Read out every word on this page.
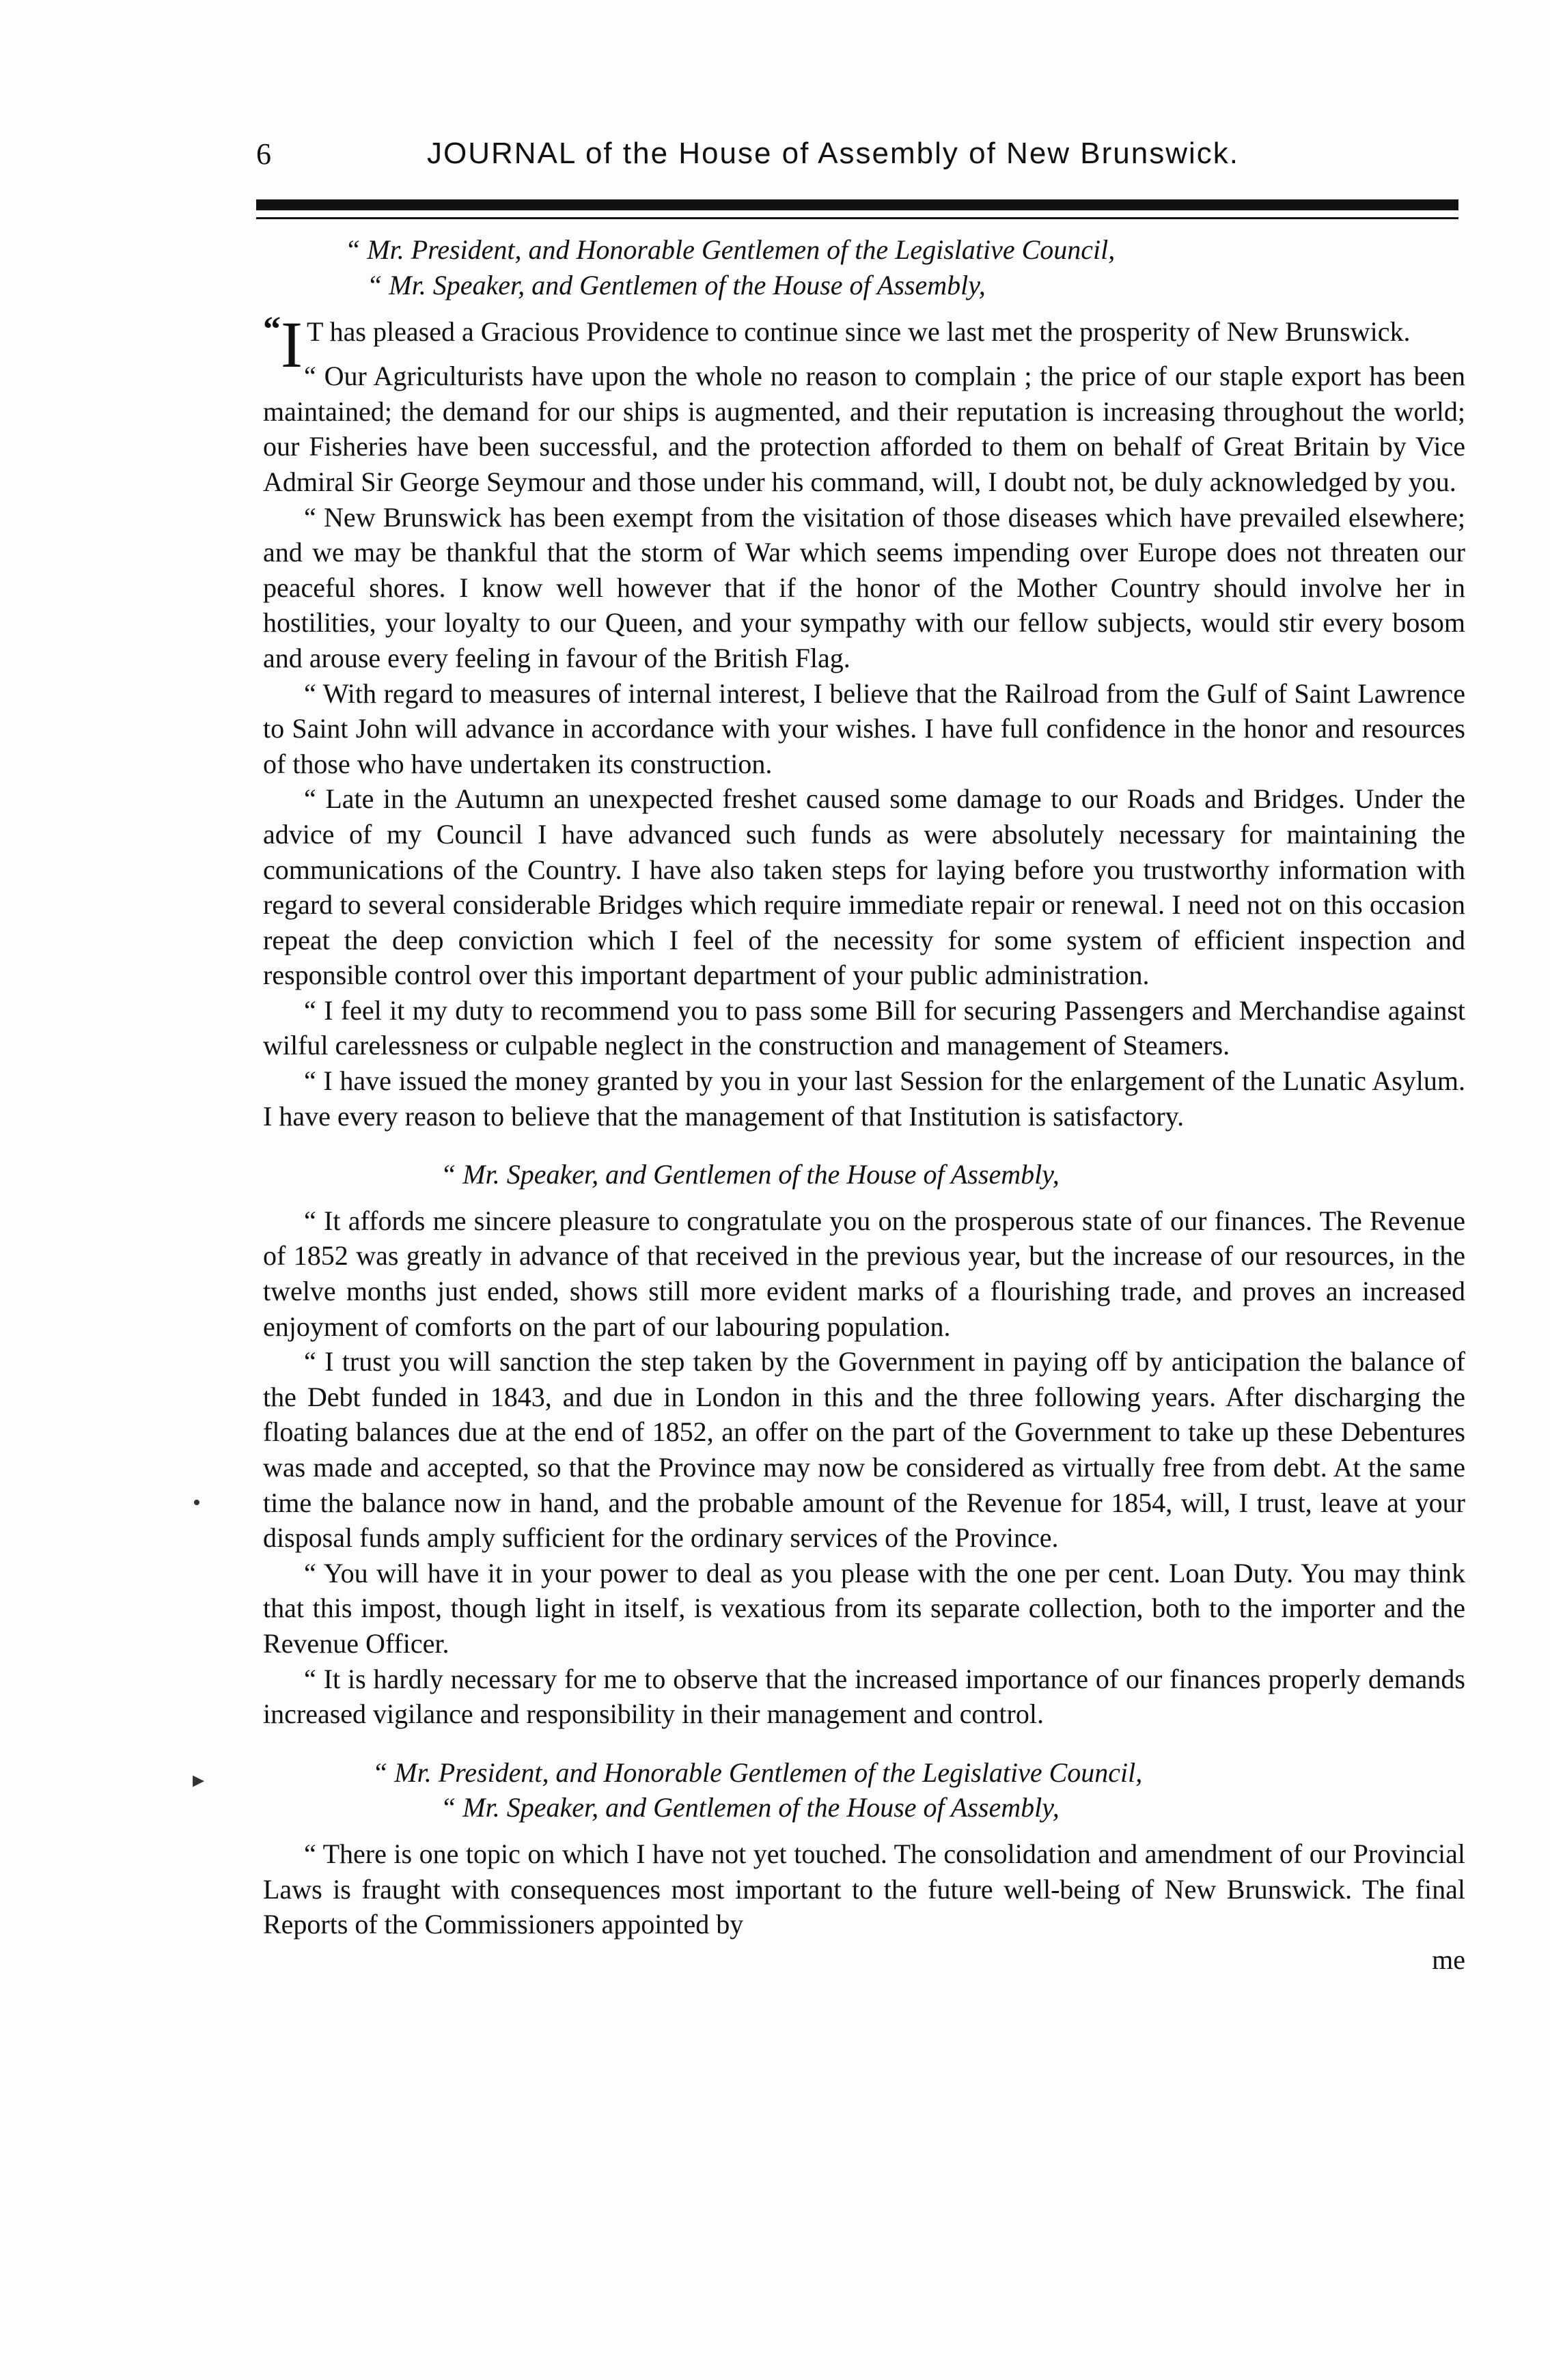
6	JOURNAL of the House of Assembly of New Brunswick.
•
▸

“ Mr. President, and Honorable Gentlemen of the Legislative Council,

“ Mr. Speaker, and Gentlemen of the House of Assembly,

“I T has pleased a Gracious Providence to continue since we last met the prosperity of New Brunswick.

“ Our Agriculturists have upon the whole no reason to complain ; the price of our staple export has been maintained; the demand for our ships is augmented, and their reputation is increasing throughout the world; our Fisheries have been successful, and the protection afforded to them on behalf of Great Britain by Vice Admiral Sir George Seymour and those under his command, will, I doubt not, be duly acknowledged by you.

“ New Brunswick has been exempt from the visitation of those diseases which have prevailed elsewhere; and we may be thankful that the storm of War which seems impending over Europe does not threaten our peaceful shores. I know well however that if the honor of the Mother Country should involve her in hostilities, your loyalty to our Queen, and your sympathy with our fellow subjects, would stir every bosom and arouse every feeling in favour of the British Flag.

“ With regard to measures of internal interest, I believe that the Railroad from the Gulf of Saint Lawrence to Saint John will advance in accordance with your wishes. I have full confidence in the honor and resources of those who have undertaken its construction.

“ Late in the Autumn an unexpected freshet caused some damage to our Roads and Bridges. Under the advice of my Council I have advanced such funds as were absolutely necessary for maintaining the communications of the Country. I have also taken steps for laying before you trustworthy information with regard to several considerable Bridges which require immediate repair or renewal. I need not on this occasion repeat the deep conviction which I feel of the necessity for some system of efficient inspection and responsible control over this important department of your public administration.

“ I feel it my duty to recommend you to pass some Bill for securing Passengers and Merchandise against wilful carelessness or culpable neglect in the construction and management of Steamers.

“ I have issued the money granted by you in your last Session for the enlargement of the Lunatic Asylum. I have every reason to believe that the management of that Institution is satisfactory.

“ Mr. Speaker, and Gentlemen of the House of Assembly,

“ It affords me sincere pleasure to congratulate you on the prosperous state of our finances. The Revenue of 1852 was greatly in advance of that received in the previous year, but the increase of our resources, in the twelve months just ended, shows still more evident marks of a flourishing trade, and proves an increased enjoyment of comforts on the part of our labouring population.

“ I trust you will sanction the step taken by the Government in paying off by anticipation the balance of the Debt funded in 1843, and due in London in this and the three following years. After discharging the floating balances due at the end of 1852, an offer on the part of the Government to take up these Debentures was made and accepted, so that the Province may now be considered as virtually free from debt. At the same time the balance now in hand, and the probable amount of the Revenue for 1854, will, I trust, leave at your disposal funds amply sufficient for the ordinary services of the Province.

“ You will have it in your power to deal as you please with the one per cent. Loan Duty. You may think that this impost, though light in itself, is vexatious from its separate collection, both to the importer and the Revenue Officer.

“ It is hardly necessary for me to observe that the increased importance of our finances properly demands increased vigilance and responsibility in their management and control.

“ Mr. President, and Honorable Gentlemen of the Legislative Council,

“ Mr. Speaker, and Gentlemen of the House of Assembly,

“ There is one topic on which I have not yet touched. The consolidation and amendment of our Provincial Laws is fraught with consequences most important to the future well-being of New Brunswick. The final Reports of the Commissioners appointed by

me
